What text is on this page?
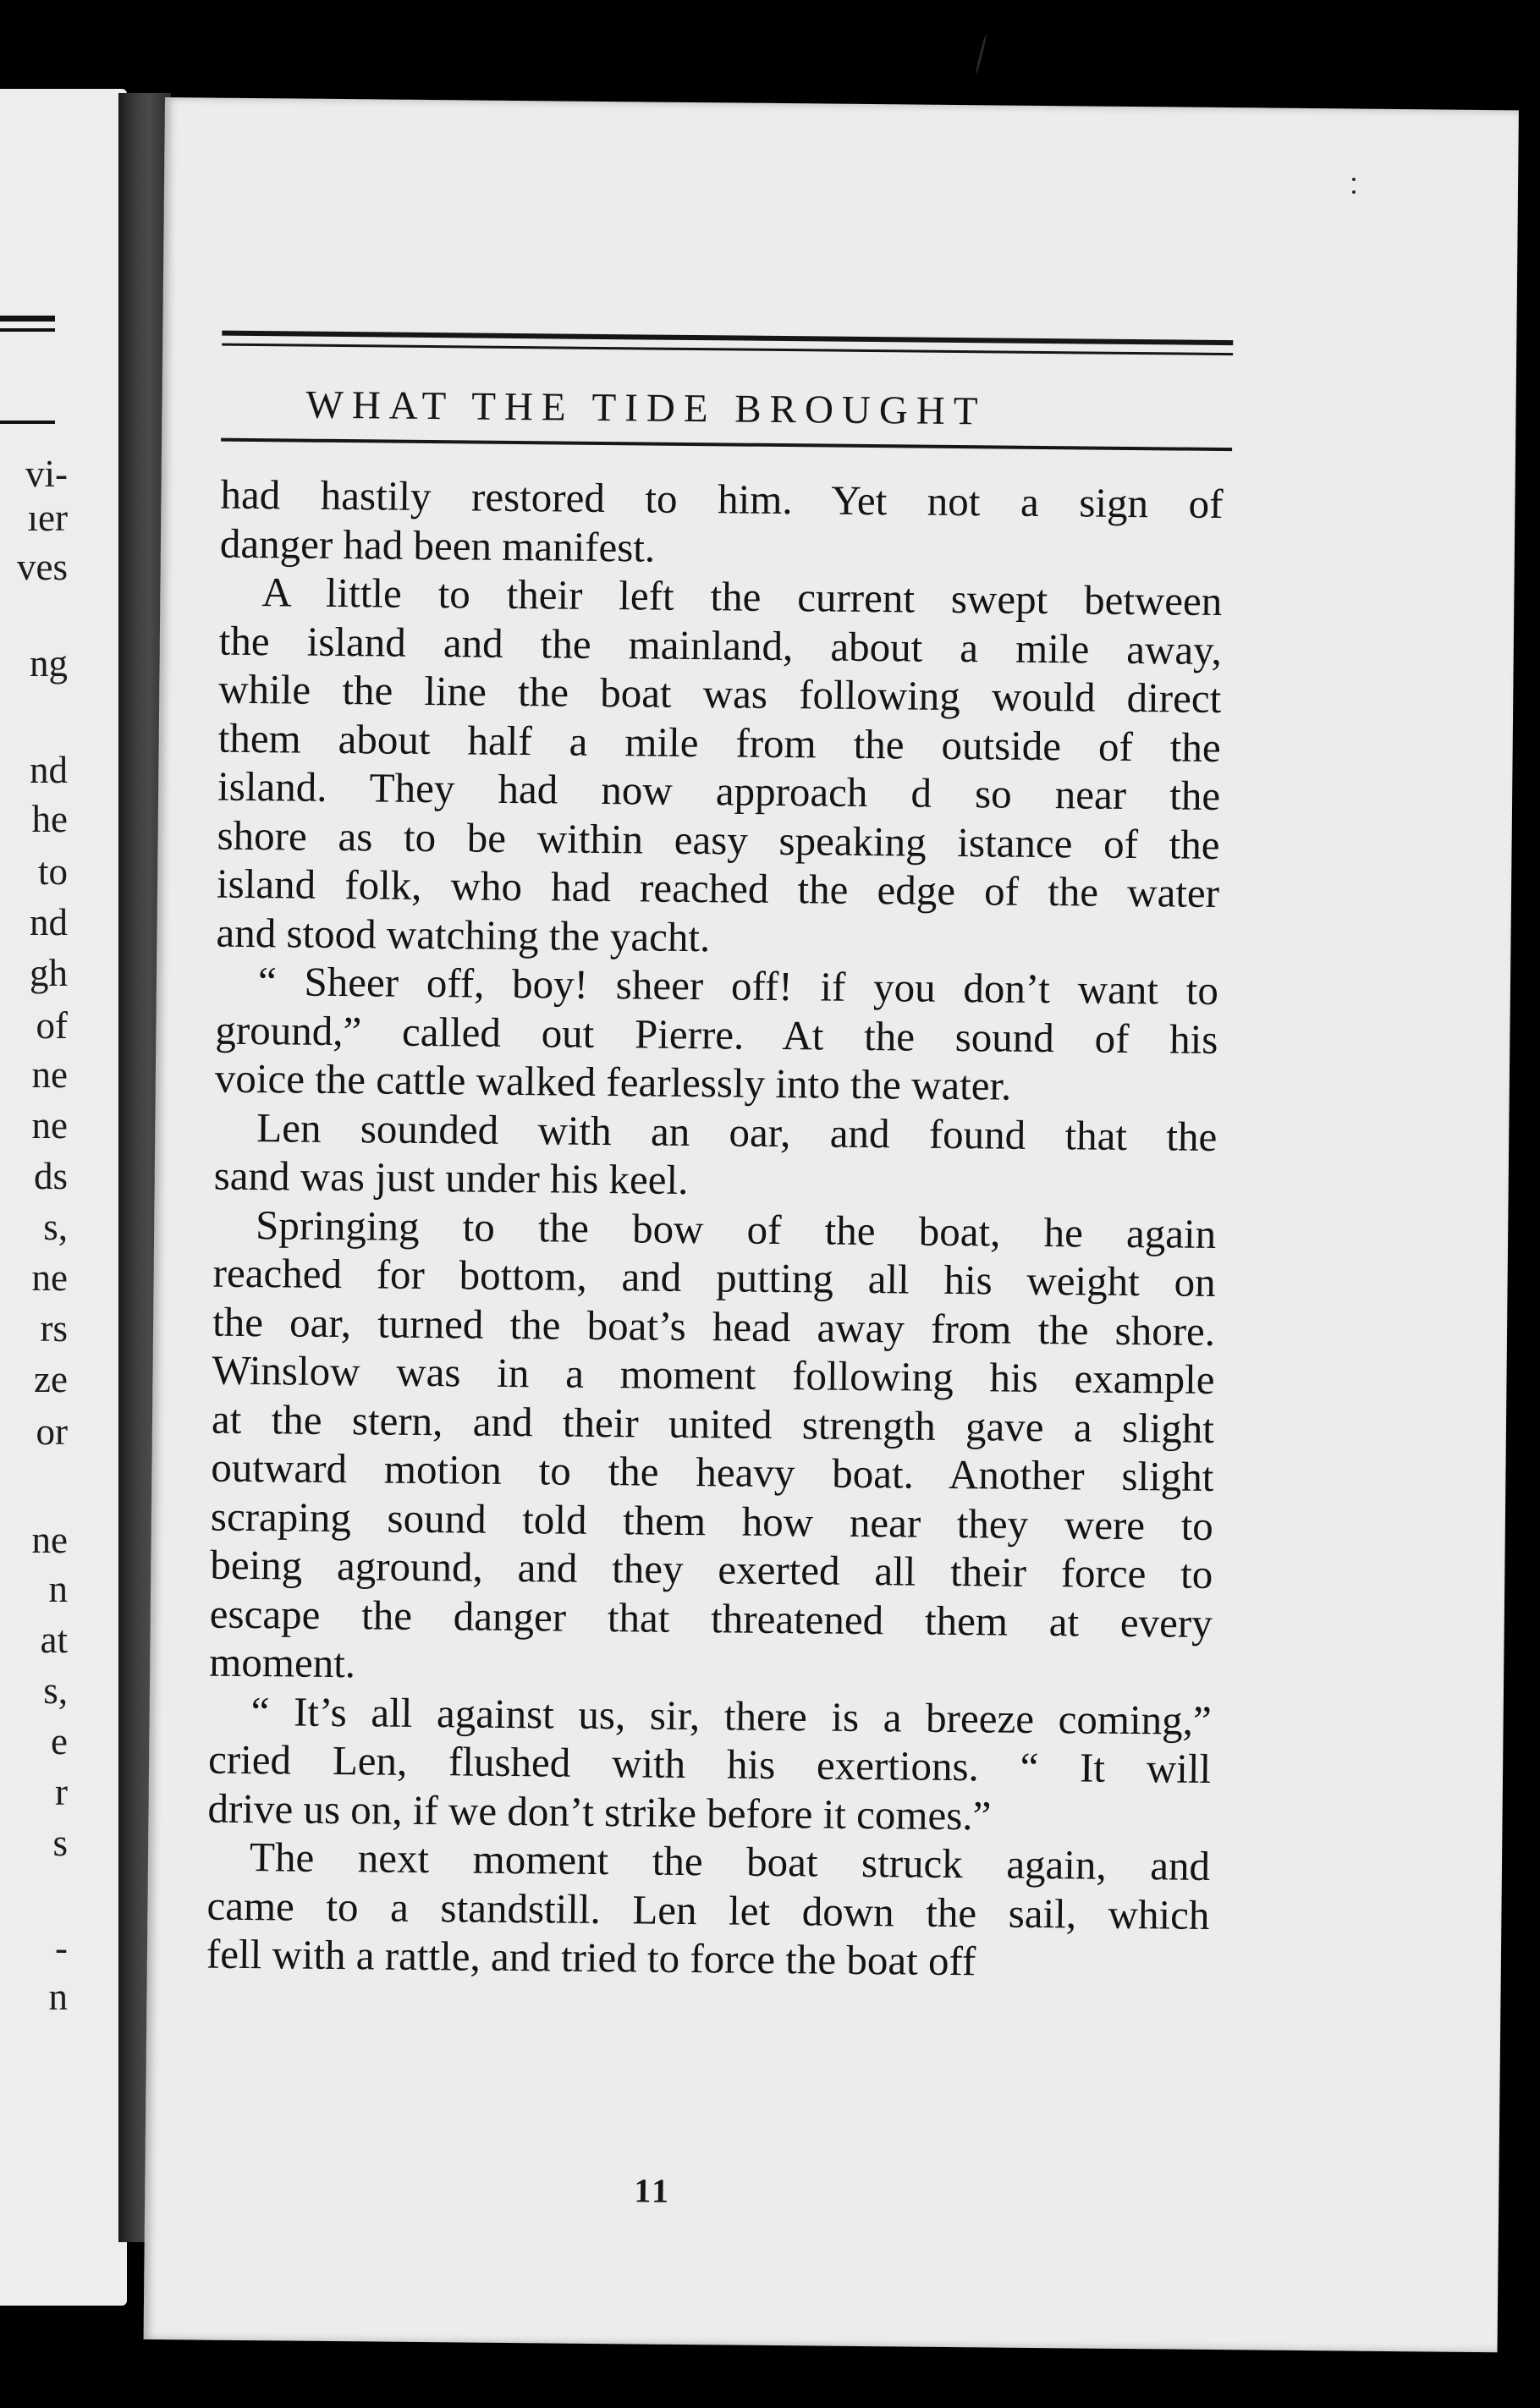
vi-
ıer
ves
ng
nd
he
to
nd
gh
of
ne
ne
ds
s,
ne
rs
ze
or
ne
n
at
s,
e
r
s
-
n
WHAT THE TIDE BROUGHT
had hastily restored to him. Yet not a sign of
danger had been manifest.
A little to their left the current swept between
the island and the mainland, about a mile away,
while the line the boat was following would direct
them about half a mile from the outside of the
island. They had now approach d so near the
shore as to be within easy speaking istance of the
island folk, who had reached the edge of the water
and stood watching the yacht.
“ Sheer off, boy! sheer off! if you don’t want to
ground,” called out Pierre. At the sound of his
voice the cattle walked fearlessly into the water.
Len sounded with an oar, and found that the
sand was just under his keel.
Springing to the bow of the boat, he again
reached for bottom, and putting all his weight on
the oar, turned the boat’s head away from the shore.
Winslow was in a moment following his example
at the stern, and their united strength gave a slight
outward motion to the heavy boat. Another slight
scraping sound told them how near they were to
being aground, and they exerted all their force to
escape the danger that threatened them at every
moment.
“ It’s all against us, sir, there is a breeze coming,”
cried Len, flushed with his exertions. “ It will
drive us on, if we don’t strike before it comes.”
The next moment the boat struck again, and
came to a standstill. Len let down the sail, which
fell with a rattle, and tried to force the boat off
11
